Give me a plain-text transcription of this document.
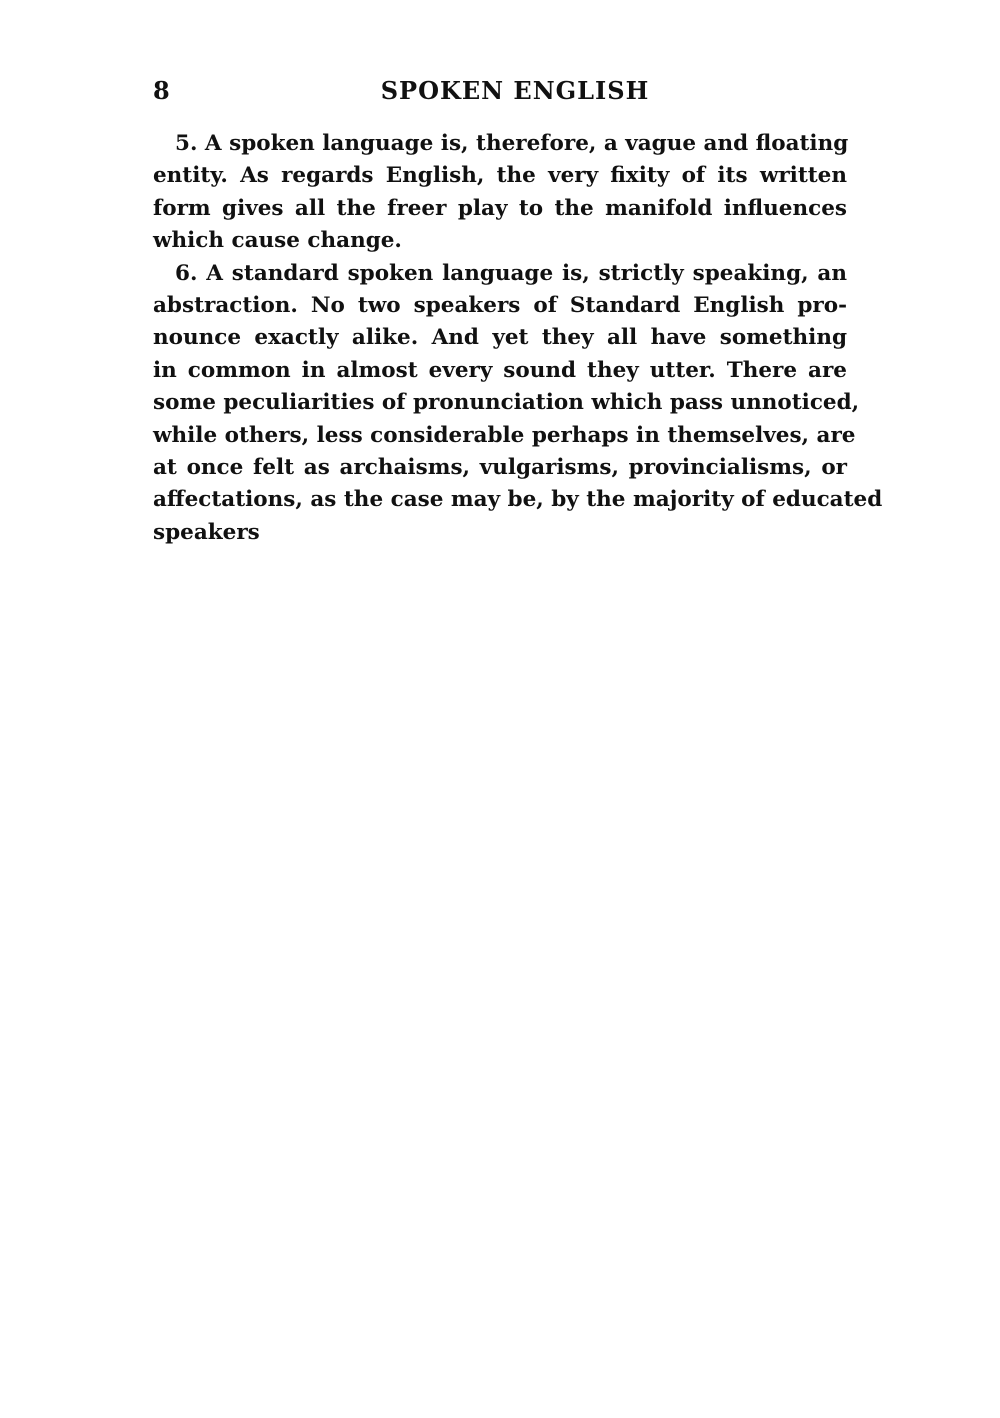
8	SPOKEN ENGLISH
5. A spoken language is, therefore, a vague and floating
entity. As regards English, the very fixity of its written
form gives all the freer play to the manifold influences
which cause change.
6. A standard spoken language is, strictly speaking, an
abstraction. No two speakers of Standard English pro-
nounce exactly alike. And yet they all have something
in common in almost every sound they utter. There are
some peculiarities of pronunciation which pass unnoticed,
while others, less considerable perhaps in themselves, are
at once felt as archaisms, vulgarisms, provincialisms, or
affectations, as the case may be, by the majority of educated
speakers
